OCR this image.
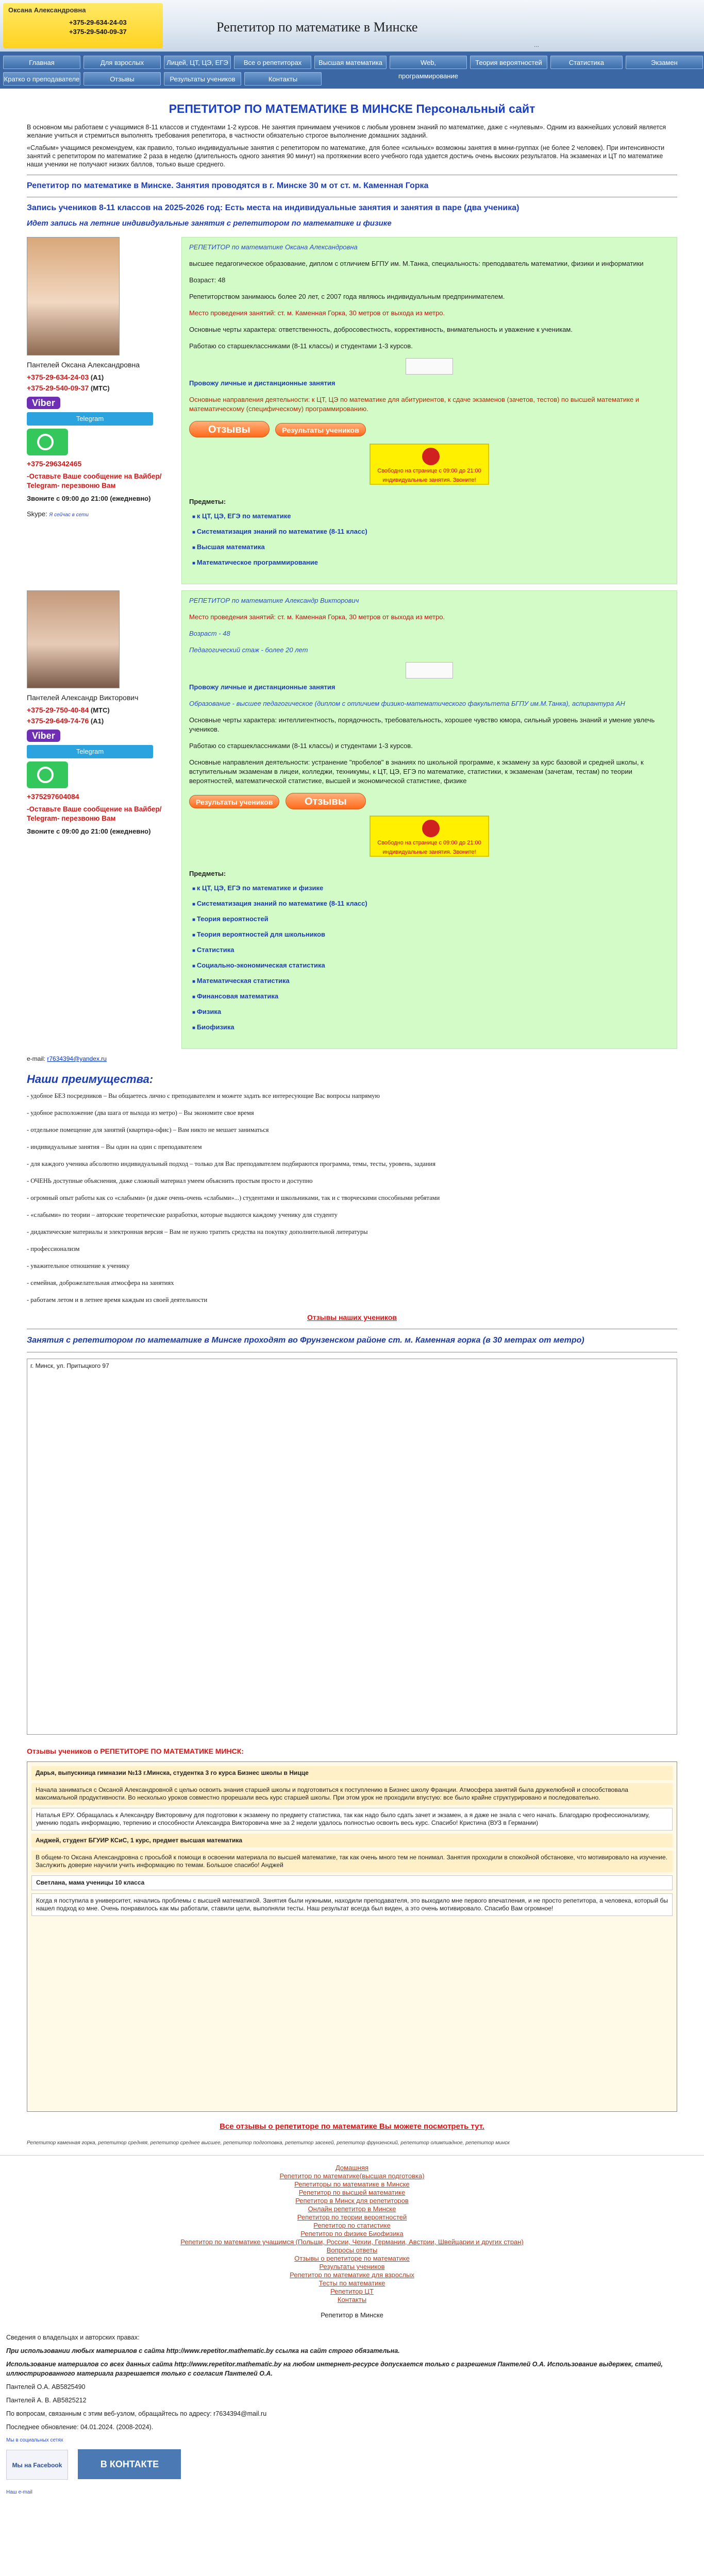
Оксана Александровна
+375-29-634-24-03
+375-29-540-09-37	Репетитор по математике в Минске
...
Главная	Для взрослых	Лицей, ЦТ, ЦЭ, ЕГЭ	Все о репетиторах	Высшая математика	Web, программирование
Теория вероятностей	Статистика	Экзамен
Кратко о преподавателе	Отзывы	Результаты учеников	Контакты
РЕПЕТИТОР ПО МАТЕМАТИКЕ В МИНСКЕ Персональный сайт

В основном мы работаем с учащимися 8-11 классов и студентами 1-2 курсов. Не занятия принимаем учеников с любым уровнем знаний по математике, даже с «нулевым». Одним из важнейших условий является желание учиться и стремиться выполнять требования репетитора, в частности обязательно строгое выполнение домашних заданий.

«Слабым» учащимся рекомендуем, как правило, только индивидуальные занятия с репетитором по математике, для более «сильных» возможны занятия в мини-группах (не более 2 человек). При интенсивности занятий с репетитором по математике 2 раза в неделю (длительность одного занятия 90 минут) на протяжении всего учебного года удается достичь очень высоких результатов. На экзаменах и ЦТ по математике наши ученики не получают низких баллов, только выше среднего.

Репетитор по математике в Минске. Занятия проводятся в г. Минске 30 м от ст. м. Каменная Горка
Запись учеников 8-11 классов на 2025-2026 год: Есть места на индивидуальные занятия и занятия в паре (два ученика)
Идет запись на летние индивидуальные занятия с репетитором по математике и физике
Пантелей Оксана Александровна
+375-29-634-24-03 (A1)
+375-29-540-09-37 (МТС)
Viber
Telegram
+375-296342465
-Оставьте Ваше сообщение на Вайбер/ Telegram- перезвоню Вам
Звоните с 09:00 до 21:00 (ежедневно)
Skype: Я сейчас в сети
РЕПЕТИТОР по математике Оксана Александровна
высшее педагогическое образование, диплом с отличием БГПУ им. М.Танка, специальность: преподаватель математики, физики и информатики
Возраст: 48
Репетиторством занимаюсь более 20 лет, с 2007 года являюсь индивидуальным предпринимателем.
Место проведения занятий: ст. м. Каменная Горка, 30 метров от выхода из метро.
Основные черты характера: ответственность, добросовестность, коррективность, внимательность и уважение к ученикам.
Работаю со старшеклассниками (8-11 классы) и студентами 1-3 курсов.
Провожу личные и дистанционные занятия
Основные направления деятельности: к ЦТ, ЦЭ по математике для абитуриентов, к сдаче экзаменов (зачетов, тестов) по высшей математике и математическому (специфическому) программированию.
Отзывы	Результаты учеников
Свободно на странице с 09:00 до 21:00 индивидуальные занятия. Звоните!
Предметы:
■ к ЦТ, ЦЭ, ЕГЭ по математике
■ Систематизация знаний по математике (8-11 класс)
■ Высшая математика
■ Математическое программирование
Пантелей Александр Викторович
+375-29-750-40-84 (МТС)
+375-29-649-74-76 (A1)
Viber
Telegram
+375297604084
-Оставьте Ваше сообщение на Вайбер/ Telegram- перезвоню Вам
Звоните с 09:00 до 21:00 (ежедневно)
РЕПЕТИТОР по математике Александр Викторович
Место проведения занятий: ст. м. Каменная Горка, 30 метров от выхода из метро.
Возраст - 48
Педагогический стаж - более 20 лет
Провожу личные и дистанционные занятия
Образование - высшее педагогическое (диплом с отличием физико-математического факультета БГПУ им.М.Танка), аспирантура АН
Основные черты характера: интеллигентность, порядочность, требовательность, хорошее чувство юмора, сильный уровень знаний и умение увлечь учеников.
Работаю со старшеклассниками (8-11 классы) и студентами 1-3 курсов.
Основные направления деятельности: устранение "пробелов" в знаниях по школьной программе, к экзамену за курс базовой и средней школы, к вступительным экзаменам в лицеи, колледжи, техникумы, к ЦТ, ЦЭ, ЕГЭ по математике, статистики, к экзаменам (зачетам, тестам) по теории вероятностей, математической статистике, высшей и экономической статистике, физике
Результаты учеников	Отзывы
Свободно на странице с 09:00 до 21:00 индивидуальные занятия. Звоните!
Предметы:
■ к ЦТ, ЦЭ, ЕГЭ по математике и физике
■ Систематизация знаний по математике (8-11 класс)
■ Теория вероятностей
■ Теория вероятностей для школьников
■ Статистика
■ Социально-экономическая статистика
■ Математическая статистика
■ Финансовая математика
■ Физика
■ Биофизика
e-mail: r7634394@yandex.ru
Наши преимущества:
- удобное БЕЗ посредников – Вы общаетесь лично с преподавателем и можете задать все интересующие Вас вопросы напрямую
- удобное расположение (два шага от выхода из метро) – Вы экономите свое время
- отдельное помещение для занятий (квартира-офис) – Вам никто не мешает заниматься
- индивидуальные занятия – Вы один на один с преподавателем
- для каждого ученика абсолютно индивидуальный подход – только для Вас преподавателем подбираются программа, темы, тесты, уровень, задания
- ОЧЕНЬ доступные объяснения, даже сложный материал умеем объяснить простым просто и доступно
- огромный опыт работы как со «слабыми» (и даже очень-очень «слабыми»...) студентами и школьниками, так и с творческими способными ребятами
- «слабыми» по теории – авторские теоретические разработки, которые выдаются каждому ученику для студенту
- дидактические материалы и электронная версия – Вам не нужно тратить средства на покупку дополнительной литературы
- профессионализм
- уважительное отношение к ученику
- семейная, доброжелательная атмосфера на занятиях
- работаем летом и в летнее время каждым из своей деятельности
Отзывы наших учеников
Занятия с репетитором по математике в Минске проходят во Фрунзенском районе ст. м. Каменная горка (в 30 метрах от метро)
г. Минск, ул. Притыцкого 97
Отзывы учеников о РЕПЕТИТОРЕ ПО МАТЕМАТИКЕ МИНСК:
Дарья, выпускница гимназии №13 г.Минска, студентка 3 го курса Бизнес школы в Ницце
Начала заниматься с Оксаной Александровной с целью освоить знания старшей школы и подготовиться к поступлению в Бизнес школу Франции. Атмосфера занятий была дружелюбной и способствовала максимальной продуктивности. Во несколько уроков совместно прорешали весь курс старшей школы. При этом урок не проходили впустую: все было крайне структурировано и последовательно.
Наталья ЕРУ. Обращалась к Александру Викторовичу для подготовки к экзамену по предмету статистика, так как надо было сдать зачет и экзамен, а я даже не знала с чего начать. Благодарю профессионализму, умению подать информацию, терпению и способности Александра Викторовича мне за 2 недели удалось полностью освоить весь курс. Спасибо! Кристина (ВУЗ в Германии)
Анджей, студент БГУИР КСиС, 1 курс, предмет высшая математика
В общем-то Оксана Александровна с просьбой к помощи в освоении материала по высшей математике, так как очень много тем не понимал. Занятия проходили в спокойной обстановке, что мотивировало на изучение. Заслужить доверие научили учить информацию по темам. Большое спасибо! Анджей
Светлана, мама ученицы 10 класса
Когда я поступила в университет, начались проблемы с высшей математикой. Занятия были нужными, находили преподавателя, это выходило мне первого впечатления, и не просто репетитора, а человека, который бы нашел подход ко мне. Очень понравилось как мы работали, ставили цели, выполняли тесты. Наш результат всегда был виден, а это очень мотивировало. Спасибо Вам огромное!
Все отзывы о репетиторе по математике Вы можете посмотреть тут.
Репетитор каменная горка, репетитор средняя, репетитор среднее высшее, репетитор подготовка, репетитор засекей, репетитор фрунзенский, репетитор олимпиадное, репетитор минск
Домашняя
Репетитор по математике(высшая подготовка)
Репетиторы по математике в Минске
Репетитор по высшей математике
Репетитор в Минск для репетиторов
Онлайн репетитор в Минске
Репетитор по теории вероятностей
Репетитор по статистике
Репетитор по физике Биофизика
Репетитор по математике учащимся (Польши, России, Чехии, Германии, Австрии, Швейцарии и других стран)
Вопросы ответы
Отзывы о репетиторе по математике
Результаты учеников
Репетитор по математике для взрослых
Тесты по математике
Репетитор ЦТ
Контакты
Репетитор в Минске

Сведения о владельцах и авторских правах:

При использовании любых материалов с сайта http://www.repetitor.mathematic.by ссылка на сайт строго обязательна.

Использование материалов со всех данных сайта http://www.repetitor.mathematic.by на любом интернет-ресурсе допускается только с разрешения Пантелей О.А. Использование выдержек, статей, иллюстрированного материала разрешается только с согласия Пантелей О.А.

Пантелей О.А. АВ5825490

Пантелей А. В. АВ5825212

По вопросам, связанным с этим веб-узлом, обращайтесь по адресу: r7634394@mail.ru

Последнее обновление: 04.01.2024. (2008-2024).

Мы в социальных сетях

Мы на Facebook	В КОНТАКТЕ

Наш e-mail
